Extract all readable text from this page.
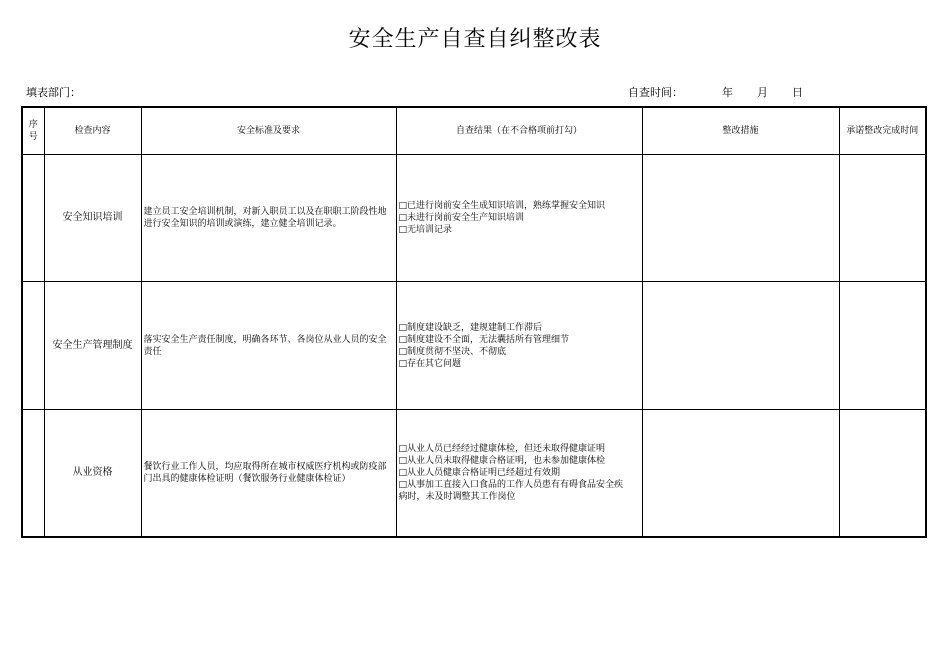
安全生产自查自纠整改表
填表部门：	自查时间：	年 月 日
序号	检查内容	安全标准及要求	自查结果（在不合格项前打勾）	整改措施	承诺整改完成时间
	安全知识培训	建立员工安全培训机制，对新入职员工以及在职职工阶段性地进行安全知识的培训或演练，建立健全培训记录。	□已进行岗前安全生成知识培训，熟练掌握安全知识
□未进行岗前安全生产知识培训
□无培训记录		

	安全生产管理制度	落实安全生产责任制度，明确各环节、各岗位从业人员的安全责任	□制度建设缺乏，建规建制工作滞后
□制度建设不全面，无法囊括所有管理细节
□制度贯彻不坚决、不彻底
□存在其它问题		

	从业资格	餐饮行业工作人员，均应取得所在城市权威医疗机构或防疫部门出具的健康体检证明（餐饮服务行业健康体检证）	□从业人员已经经过健康体检，但还未取得健康证明
□从业人员未取得健康合格证明，也未参加健康体检
□从业人员健康合格证明已经超过有效期
□从事加工直接入口食品的工作人员患有有碍食品安全疾
病时，未及时调整其工作岗位		
